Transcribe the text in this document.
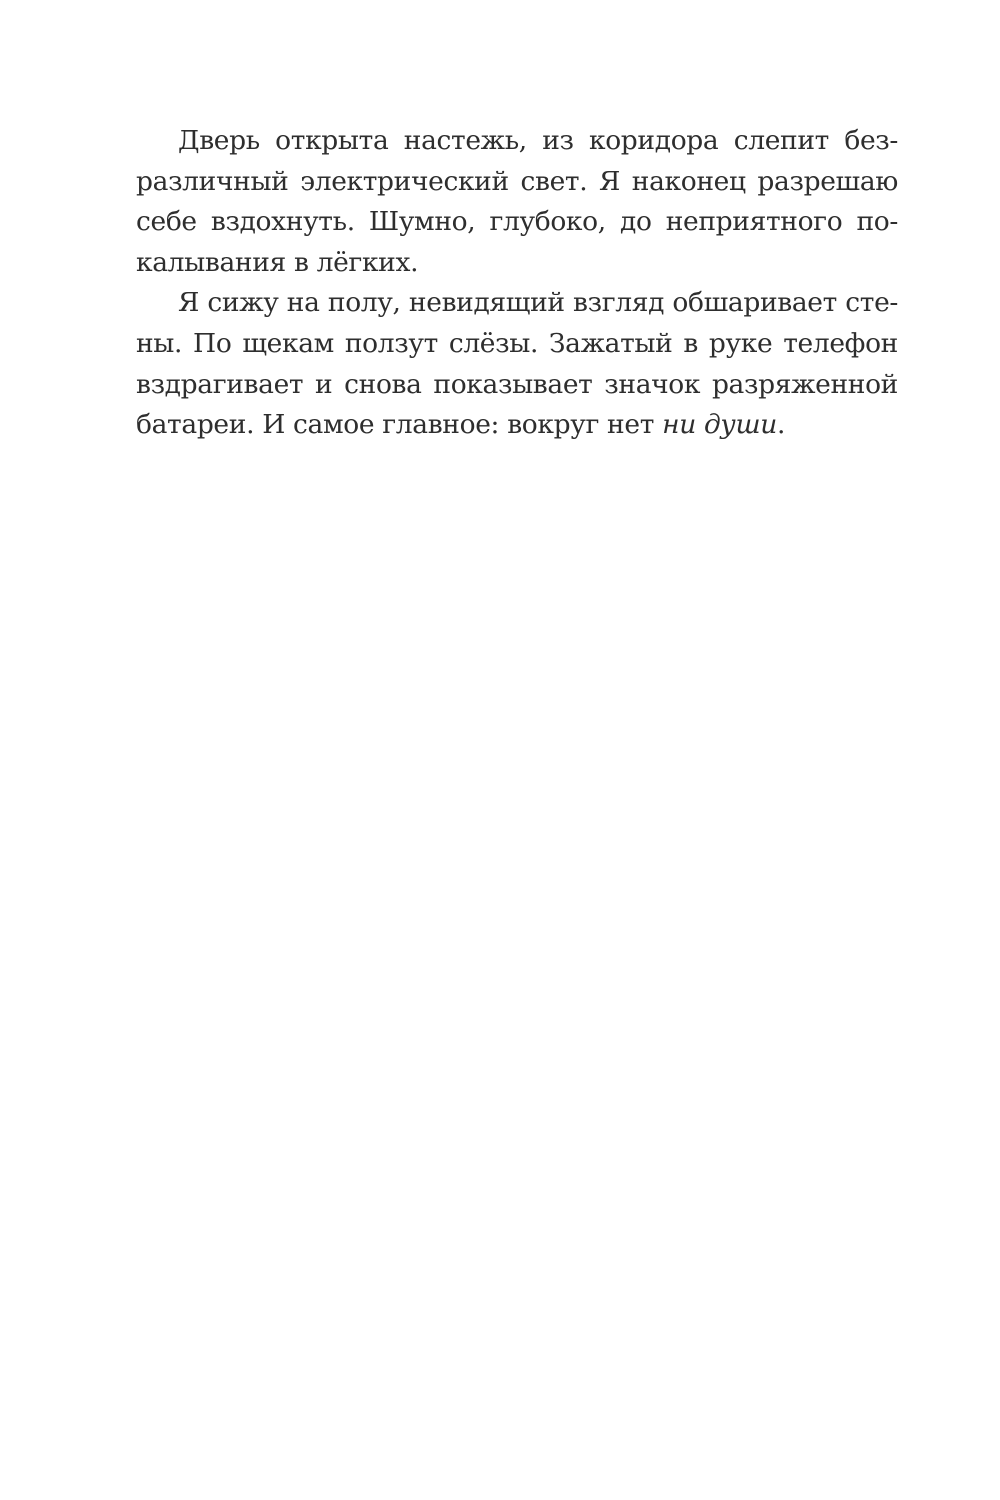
Дверь открыта настежь, из коридора слепит без-
различный электрический свет. Я наконец разрешаю
себе вздохнуть. Шумно, глубоко, до неприятного по-
калывания в лёгких.
Я сижу на полу, невидящий взгляд обшаривает сте-
ны. По щекам ползут слёзы. Зажатый в руке телефон
вздрагивает и снова показывает значок разряженной
батареи. И самое главное: вокруг нет ни души.
